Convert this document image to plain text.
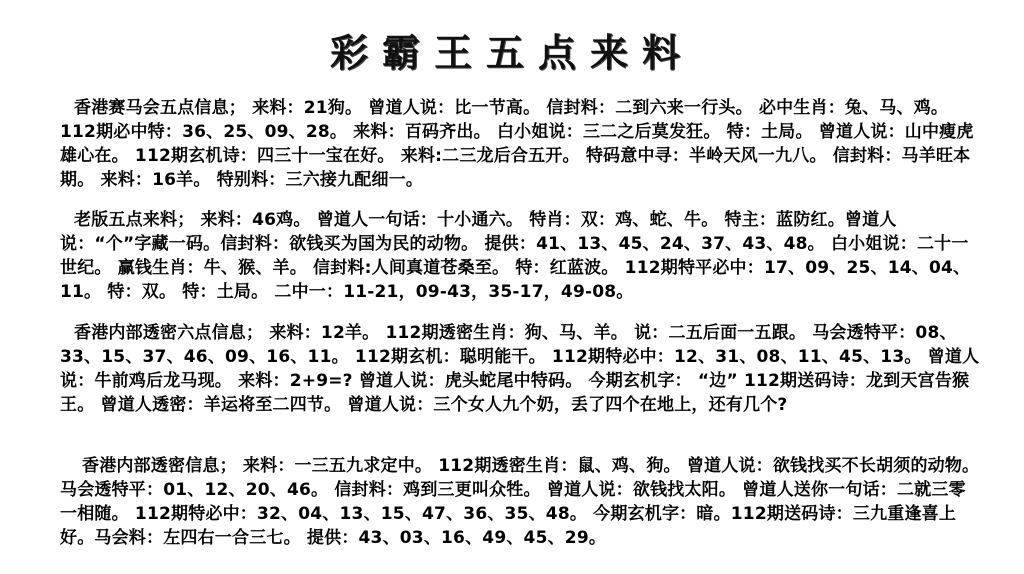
彩霸王五点来料
香港赛马会五点信息； 来料：21狗。 曾道人说：比一节高。 信封料：二到六来一行头。 必中生肖：兔、马、鸡。 112期必中特：36、25、09、28。 来料：百码齐出。 白小姐说：三二之后莫发狂。 特：土局。 曾道人说：山中瘦虎雄心在。 112期玄机诗：四三十一宝在好。 来料:二三龙后合五开。 特码意中寻：半岭天风一九八。 信封料：马羊旺本期。 来料：16羊。 特别料：三六接九配细一。
老版五点来料； 来料：46鸡。 曾道人一句话：十小通六。 特肖：双：鸡、蛇、牛。 特主：蓝防红。曾道人说：“个”字藏一码。信封料：欲钱买为国为民的动物。 提供：41、13、45、24、37、43、48。 白小姐说：二十一世纪。 赢钱生肖：牛、猴、羊。 信封料:人间真道苍桑至。 特：红蓝波。 112期特平必中：17、09、25、14、04、11。 特：双。 特：土局。 二中一：11-21，09-43，35-17，49-08。
香港内部透密六点信息； 来料：12羊。 112期透密生肖：狗、马、羊。 说：二五后面一五跟。 马会透特平：08、33、15、37、46、09、16、11。 112期玄机：聪明能干。 112期特必中：12、31、08、11、45、13。 曾道人说：牛前鸡后龙马现。 来料：2+9=? 曾道人说：虎头蛇尾中特码。 今期玄机字： “边” 112期送码诗：龙到天宫告猴王。 曾道人透密：羊运将至二四节。 曾道人说：三个女人九个奶，丢了四个在地上，还有几个?
香港内部透密信息； 来料：一三五九求定中。 112期透密生肖：鼠、鸡、狗。 曾道人说：欲钱找买不长胡须的动物。 马会透特平：01、12、20、46。 信封料：鸡到三更叫众牲。 曾道人说：欲钱找太阳。 曾道人送你一句话：二就三零一相随。 112期特必中：32、04、13、15、47、36、35、48。 今期玄机字：暗。112期送码诗：三九重逢喜上好。马会料：左四右一合三七。 提供：43、03、16、49、45、29。
